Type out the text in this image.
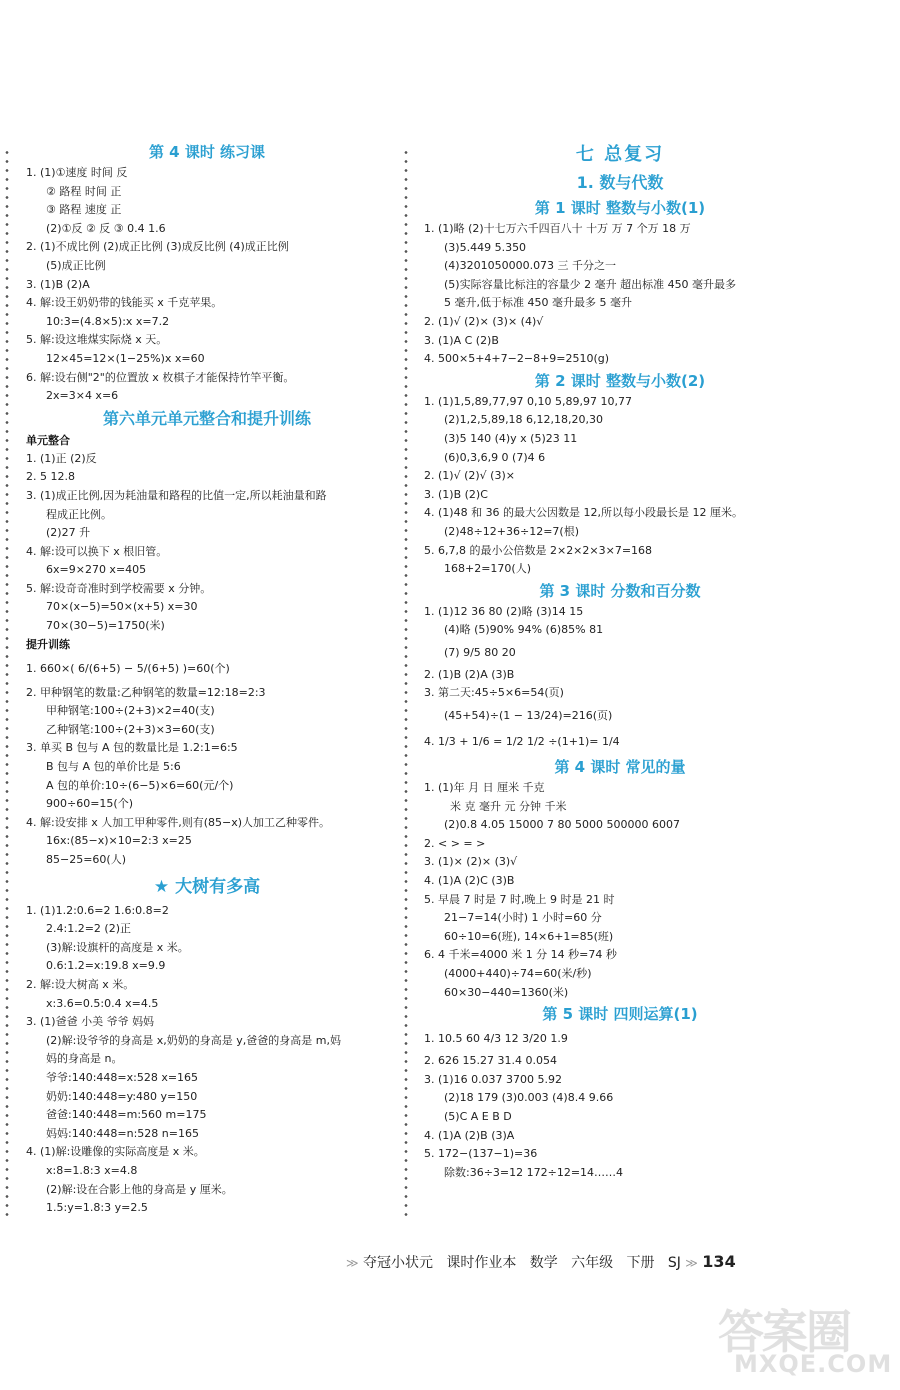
第 4 课时 练习课
1. (1)①速度 时间 反
② 路程 时间 正
③ 路程 速度 正
(2)①反 ② 反 ③ 0.4 1.6
2. (1)不成比例 (2)成正比例 (3)成反比例 (4)成正比例
(5)成正比例
3. (1)B (2)A
4. 解:设王奶奶带的钱能买 x 千克苹果。
10:3=(4.8×5):x x=7.2
5. 解:设这堆煤实际烧 x 天。
12×45=12×(1−25%)x x=60
6. 解:设右侧"2"的位置放 x 枚棋子才能保持竹竿平衡。
2x=3×4 x=6
第六单元单元整合和提升训练
单元整合
1. (1)正 (2)反
2. 5 12.8
3. (1)成正比例,因为耗油量和路程的比值一定,所以耗油量和路
程成正比例。
(2)27 升
4. 解:设可以换下 x 根旧管。
6x=9×270 x=405
5. 解:设奇奇准时到学校需要 x 分钟。
70×(x−5)=50×(x+5) x=30
70×(30−5)=1750(米)
提升训练
1. 660×( 6/(6+5) − 5/(6+5) )=60(个)
2. 甲种钢笔的数量:乙种钢笔的数量=12:18=2:3
甲种钢笔:100÷(2+3)×2=40(支)
乙种钢笔:100÷(2+3)×3=60(支)
3. 单买 B 包与 A 包的数量比是 1.2:1=6:5
B 包与 A 包的单价比是 5:6
A 包的单价:10÷(6−5)×6=60(元/个)
900÷60=15(个)
4. 解:设安排 x 人加工甲种零件,则有(85−x)人加工乙种零件。
16x:(85−x)×10=2:3 x=25
85−25=60(人)
★ 大树有多高
1. (1)1.2:0.6=2 1.6:0.8=2
2.4:1.2=2 (2)正
(3)解:设旗杆的高度是 x 米。
0.6:1.2=x:19.8 x=9.9
2. 解:设大树高 x 米。
x:3.6=0.5:0.4 x=4.5
3. (1)爸爸 小美 爷爷 妈妈
(2)解:设爷爷的身高是 x,奶奶的身高是 y,爸爸的身高是 m,妈
妈的身高是 n。
爷爷:140:448=x:528 x=165
奶奶:140:448=y:480 y=150
爸爸:140:448=m:560 m=175
妈妈:140:448=n:528 n=165
4. (1)解:设雕像的实际高度是 x 米。
x:8=1.8:3 x=4.8
(2)解:设在合影上他的身高是 y 厘米。
1.5:y=1.8:3 y=2.5
七 总复习
1. 数与代数
第 1 课时 整数与小数(1)
1. (1)略 (2)十七万六千四百八十 十万 万 7 个万 18 万
(3)5.449 5.350
(4)3201050000.073 三 千分之一
(5)实际容量比标注的容量少 2 毫升 超出标准 450 毫升最多
5 毫升,低于标准 450 毫升最多 5 毫升
2. (1)√ (2)× (3)× (4)√
3. (1)A C (2)B
4. 500×5+4+7−2−8+9=2510(g)
第 2 课时 整数与小数(2)
1. (1)1,5,89,77,97 0,10 5,89,97 10,77
(2)1,2,5,89,18 6,12,18,20,30
(3)5 140 (4)y x (5)23 11
(6)0,3,6,9 0 (7)4 6
2. (1)√ (2)√ (3)×
3. (1)B (2)C
4. (1)48 和 36 的最大公因数是 12,所以每小段最长是 12 厘米。
(2)48÷12+36÷12=7(根)
5. 6,7,8 的最小公倍数是 2×2×2×3×7=168
168+2=170(人)
第 3 课时 分数和百分数
1. (1)12 36 80 (2)略 (3)14 15
(4)略 (5)90% 94% (6)85% 81
(7) 9/5 80 20
2. (1)B (2)A (3)B
3. 第二天:45÷5×6=54(页)
(45+54)÷(1 − 13/24)=216(页)
4. 1/3 + 1/6 = 1/2 1/2 ÷(1+1)= 1/4
第 4 课时 常见的量
1. (1)年 月 日 厘米 千克
米 克 毫升 元 分钟 千米
(2)0.8 4.05 15000 7 80 5000 500000 6007
2. < > = >
3. (1)× (2)× (3)√
4. (1)A (2)C (3)B
5. 早晨 7 时是 7 时,晚上 9 时是 21 时
21−7=14(小时) 1 小时=60 分
60÷10=6(班), 14×6+1=85(班)
6. 4 千米=4000 米 1 分 14 秒=74 秒
(4000+440)÷74=60(米/秒)
60×30−440=1360(米)
第 5 课时 四则运算(1)
1. 10.5 60 4/3 12 3/20 1.9
2. 626 15.27 31.4 0.054
3. (1)16 0.037 3700 5.92
(2)18 179 (3)0.003 (4)8.4 9.66
(5)C A E B D
4. (1)A (2)B (3)A
5. 172−(137−1)=36
除数:36÷3=12 172÷12=14……4
≫ 夺冠小状元 课时作业本 数学 六年级 下册 SJ ≫ 134
答案圈
MXQE.COM
